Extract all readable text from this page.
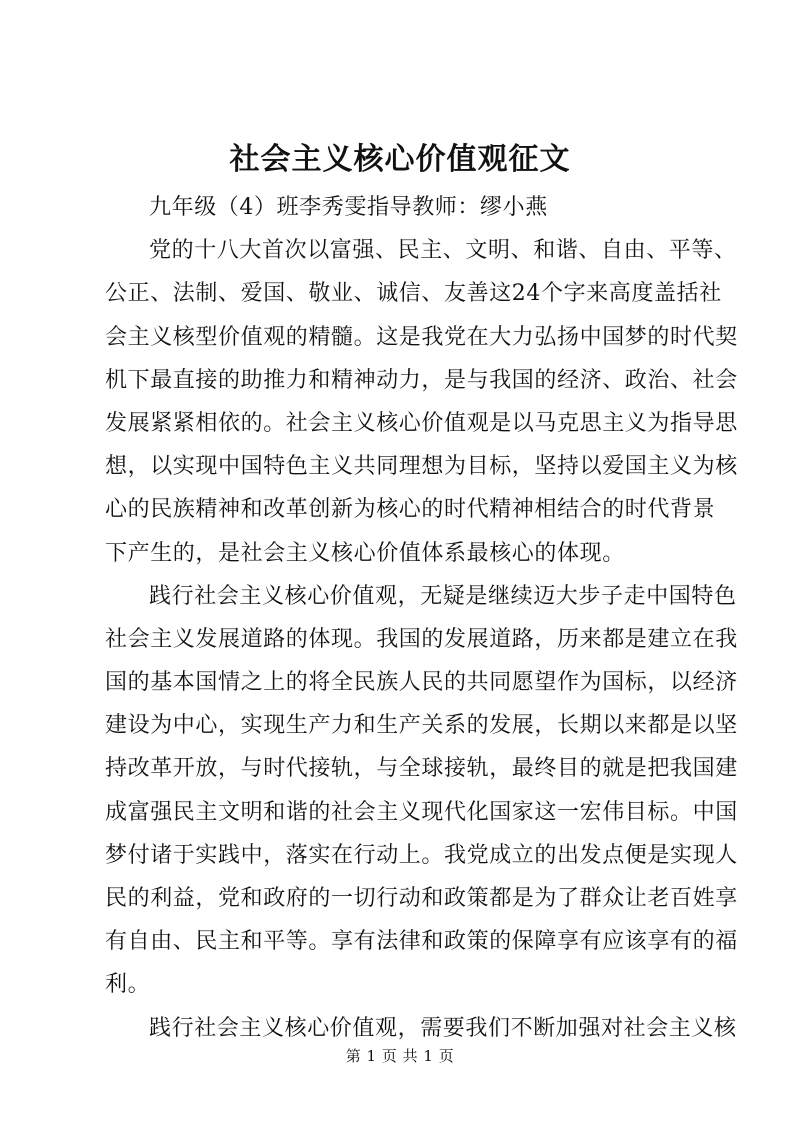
社会主义核心价值观征文
九年级（4）班李秀雯指导教师：缪小燕
党的十八大首次以富强、民主、文明、和谐、自由、平等、
公正、法制、爱国、敬业、诚信、友善这24个字来高度盖括社
会主义核型价值观的精髓。这是我党在大力弘扬中国梦的时代契
机下最直接的助推力和精神动力，是与我国的经济、政治、社会
发展紧紧相依的。社会主义核心价值观是以马克思主义为指导思
想，以实现中国特色主义共同理想为目标，坚持以爱国主义为核
心的民族精神和改革创新为核心的时代精神相结合的时代背景
下产生的，是社会主义核心价值体系最核心的体现。
践行社会主义核心价值观，无疑是继续迈大步子走中国特色
社会主义发展道路的体现。我国的发展道路，历来都是建立在我
国的基本国情之上的将全民族人民的共同愿望作为国标，以经济
建设为中心，实现生产力和生产关系的发展，长期以来都是以坚
持改革开放，与时代接轨，与全球接轨，最终目的就是把我国建
成富强民主文明和谐的社会主义现代化国家这一宏伟目标。中国
梦付诸于实践中，落实在行动上。我党成立的出发点便是实现人
民的利益，党和政府的一切行动和政策都是为了群众让老百姓享
有自由、民主和平等。享有法律和政策的保障享有应该享有的福
利。
践行社会主义核心价值观，需要我们不断加强对社会主义核
第 1 页 共 1 页
